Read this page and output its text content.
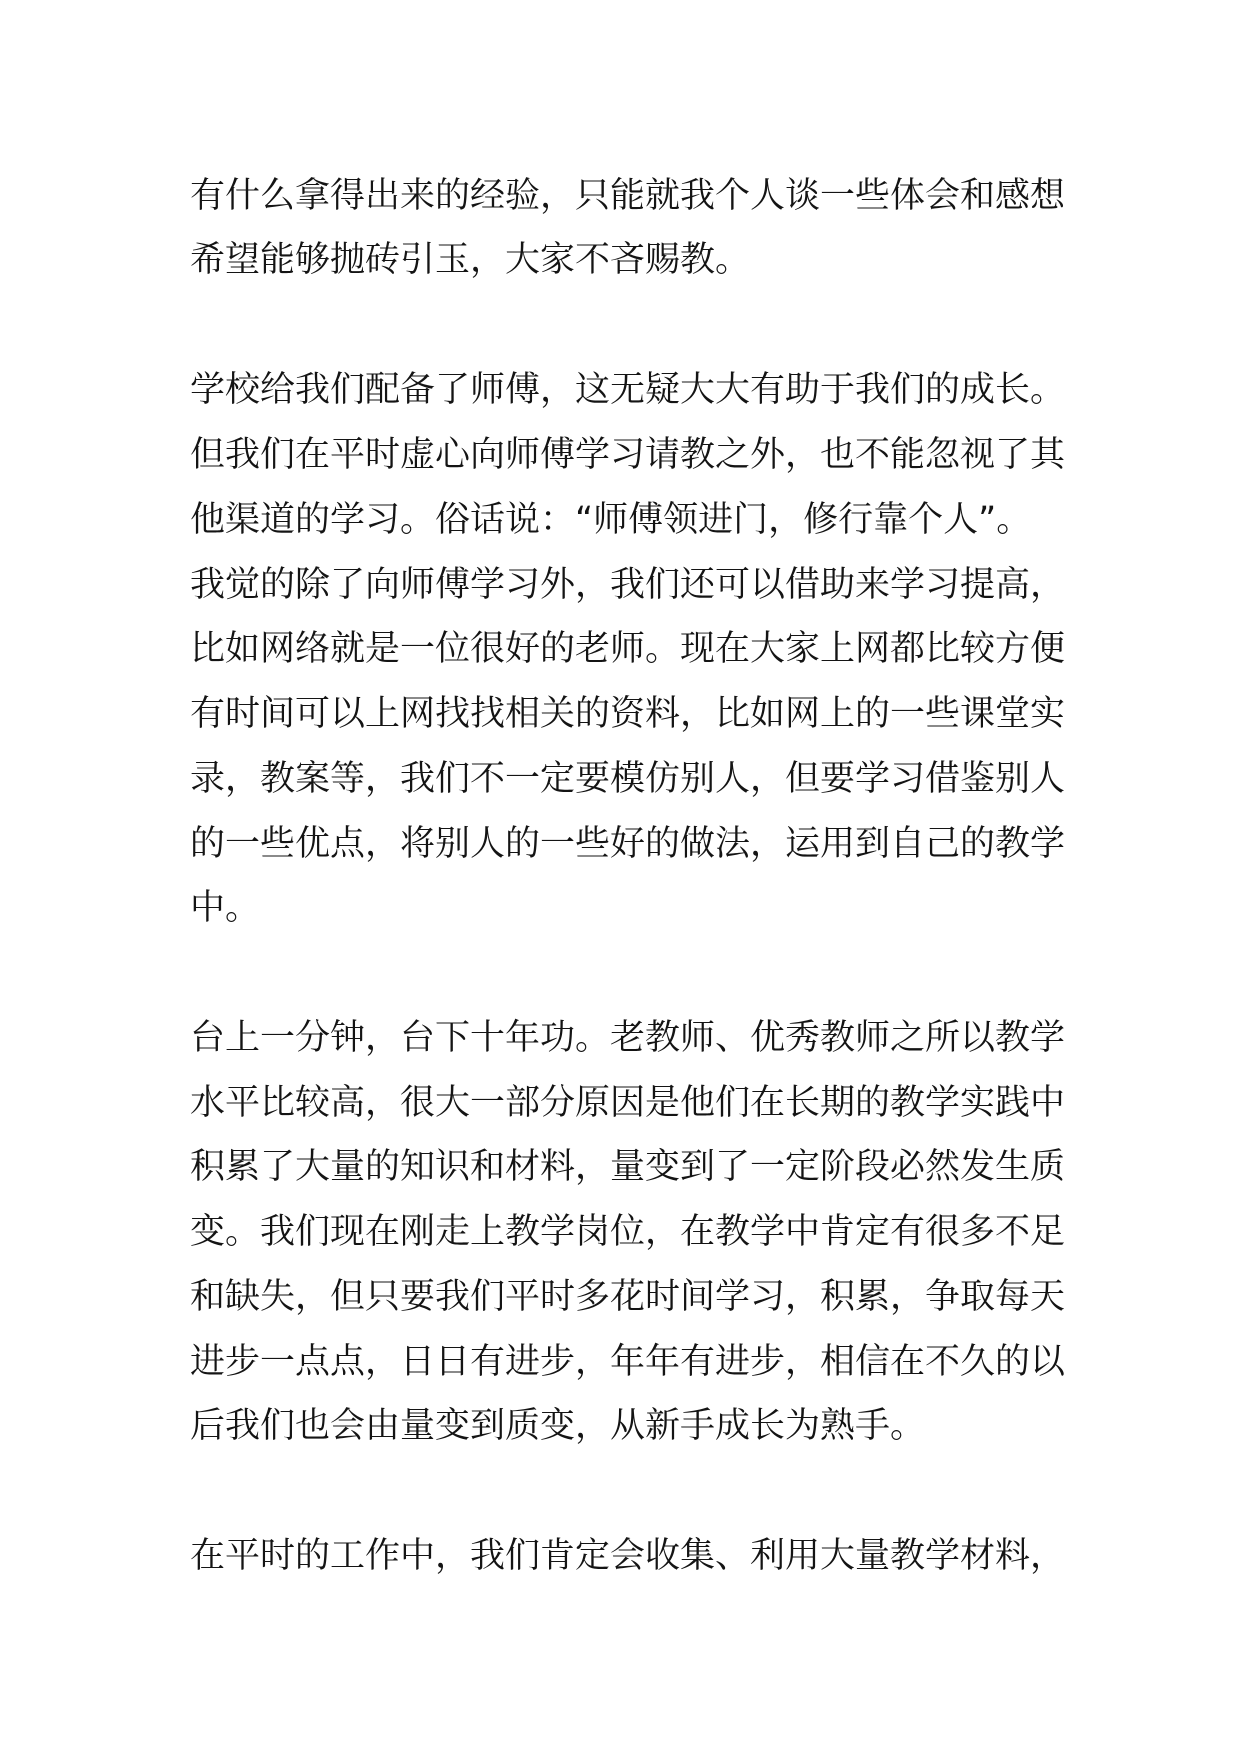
有什么拿得出来的经验，只能就我个人谈一些体会和感想
希望能够抛砖引玉，大家不吝赐教。
学校给我们配备了师傅，这无疑大大有助于我们的成长。
但我们在平时虚心向师傅学习请教之外，也不能忽视了其
他渠道的学习。俗话说：“师傅领进门，修行靠个人”。
我觉的除了向师傅学习外，我们还可以借助来学习提高，
比如网络就是一位很好的老师。现在大家上网都比较方便
有时间可以上网找找相关的资料，比如网上的一些课堂实
录，教案等，我们不一定要模仿别人，但要学习借鉴别人
的一些优点，将别人的一些好的做法，运用到自己的教学
中。
台上一分钟，台下十年功。老教师、优秀教师之所以教学
水平比较高，很大一部分原因是他们在长期的教学实践中
积累了大量的知识和材料，量变到了一定阶段必然发生质
变。我们现在刚走上教学岗位，在教学中肯定有很多不足
和缺失，但只要我们平时多花时间学习，积累，争取每天
进步一点点，日日有进步，年年有进步，相信在不久的以
后我们也会由量变到质变，从新手成长为熟手。
在平时的工作中，我们肯定会收集、利用大量教学材料，
